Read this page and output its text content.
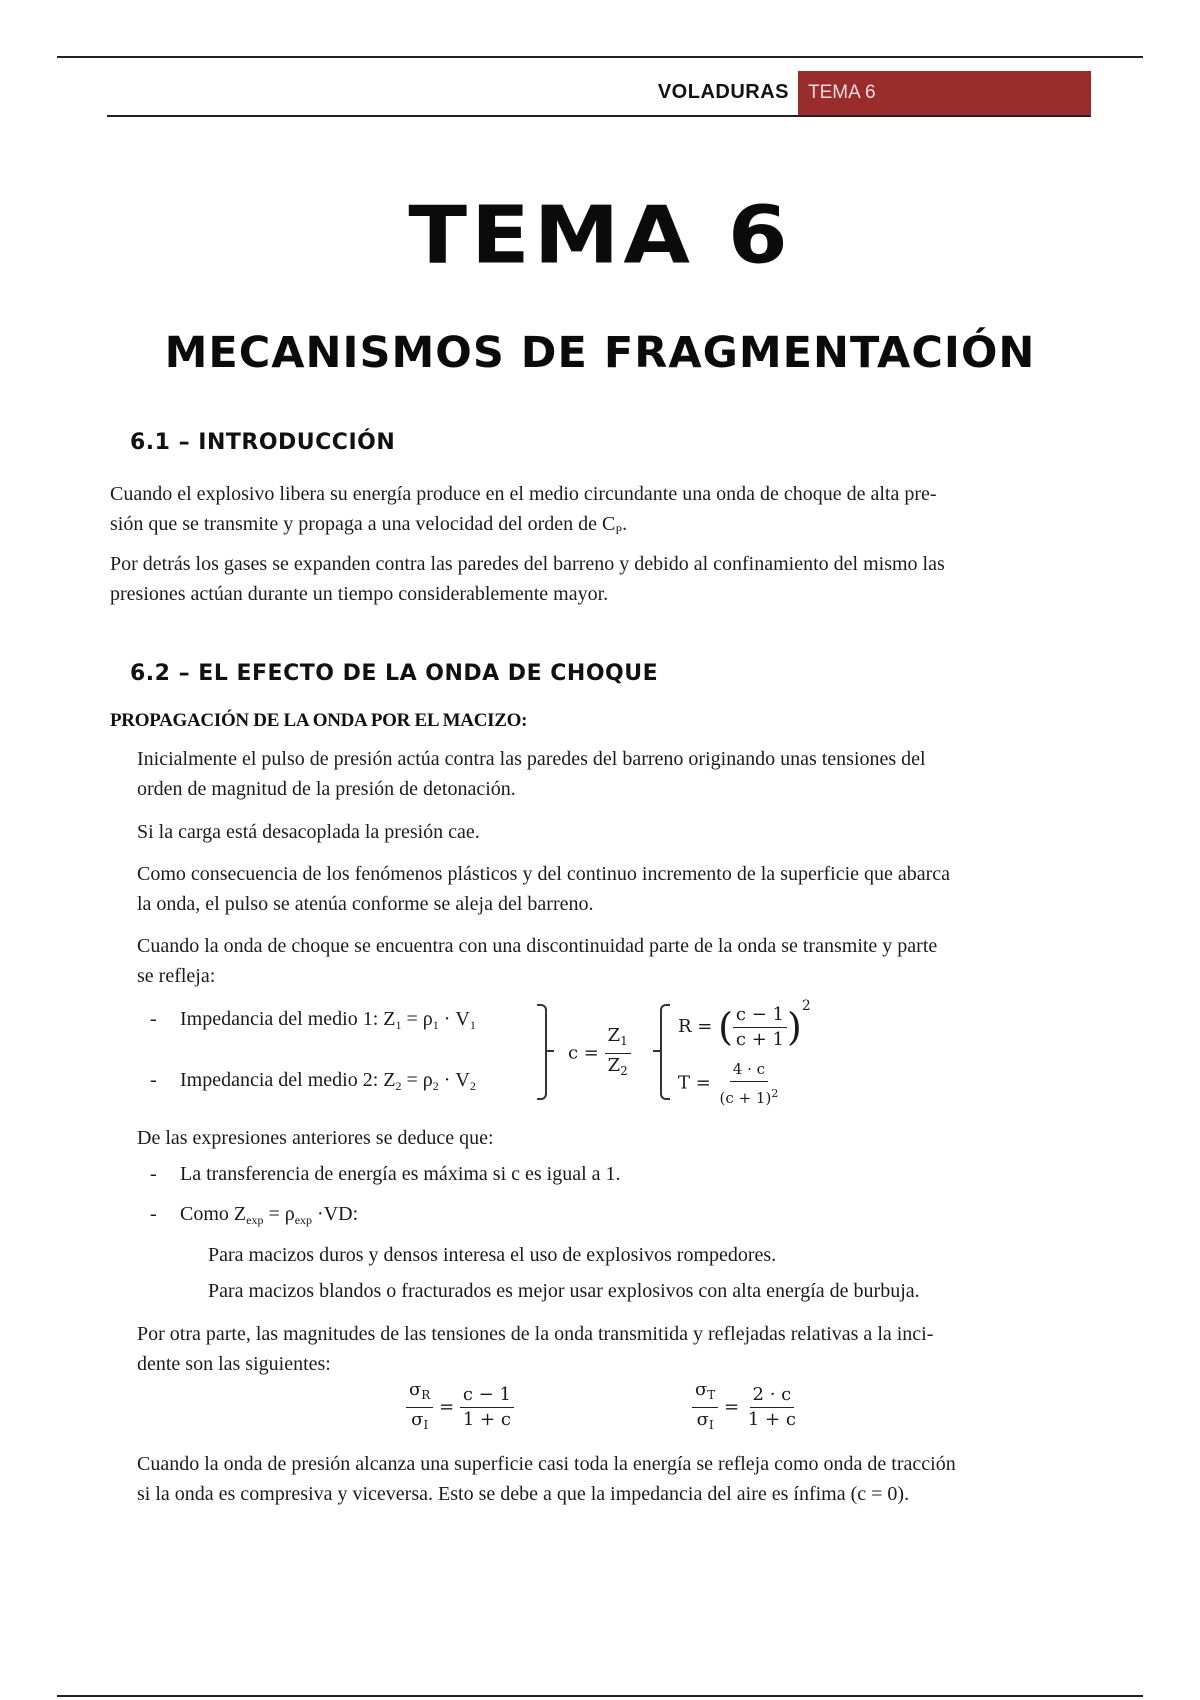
VOLADURAS TEMA 6
TEMA 6
MECANISMOS DE FRAGMENTACIÓN
6.1 – INTRODUCCIÓN
Cuando el explosivo libera su energía produce en el medio circundante una onda de choque de alta pre-
sión que se transmite y propaga a una velocidad del orden de $C_P$.
Por detrás los gases se expanden contra las paredes del barreno y debido al confinamiento del mismo las
presiones actúan durante un tiempo considerablemente mayor.
6.2 – EL EFECTO DE LA ONDA DE CHOQUE
PROPAGACIÓN DE LA ONDA POR EL MACIZO:
Inicialmente el pulso de presión actúa contra las paredes del barreno originando unas tensiones del
orden de magnitud de la presión de detonación.
Si la carga está desacoplada la presión cae.
Como consecuencia de los fenómenos plásticos y del continuo incremento de la superficie que abarca
la onda, el pulso se atenúa conforme se aleja del barreno.
Cuando la onda de choque se encuentra con una discontinuidad parte de la onda se transmite y parte
se refleja:
- Impedancia del medio 1: $Z_1 = \rho_1 \cdot V_1$
- Impedancia del medio 2: $Z_2 = \rho_2 \cdot V_2$
$c = \frac{Z_1}{Z_2}$	R = ( $\frac{c - 1}{c + 1} )^2$
$T = \frac{4 \cdot c}{(c + 1)^2}$
De las expresiones anteriores se deduce que:
- La transferencia de energía es máxima si c es igual a 1.
- Como $Z_{exp} = \rho_{exp} \cdot VD$:
Para macizos duros y densos interesa el uso de explosivos rompedores.
Para macizos blandos o fracturados es mejor usar explosivos con alta energía de burbuja.
Por otra parte, las magnitudes de las tensiones de la onda transmitida y reflejadas relativas a la inci-
dente son las siguientes:
$\frac{\sigma_R}{\sigma_I} = \frac{c - 1}{1 + c}$	$\frac{\sigma_T}{\sigma_I} = \frac{2 \cdot c}{1 + c}$
Cuando la onda de presión alcanza una superficie casi toda la energía se refleja como onda de tracción
si la onda es compresiva y viceversa. Esto se debe a que la impedancia del aire es ínfima (c = 0).
